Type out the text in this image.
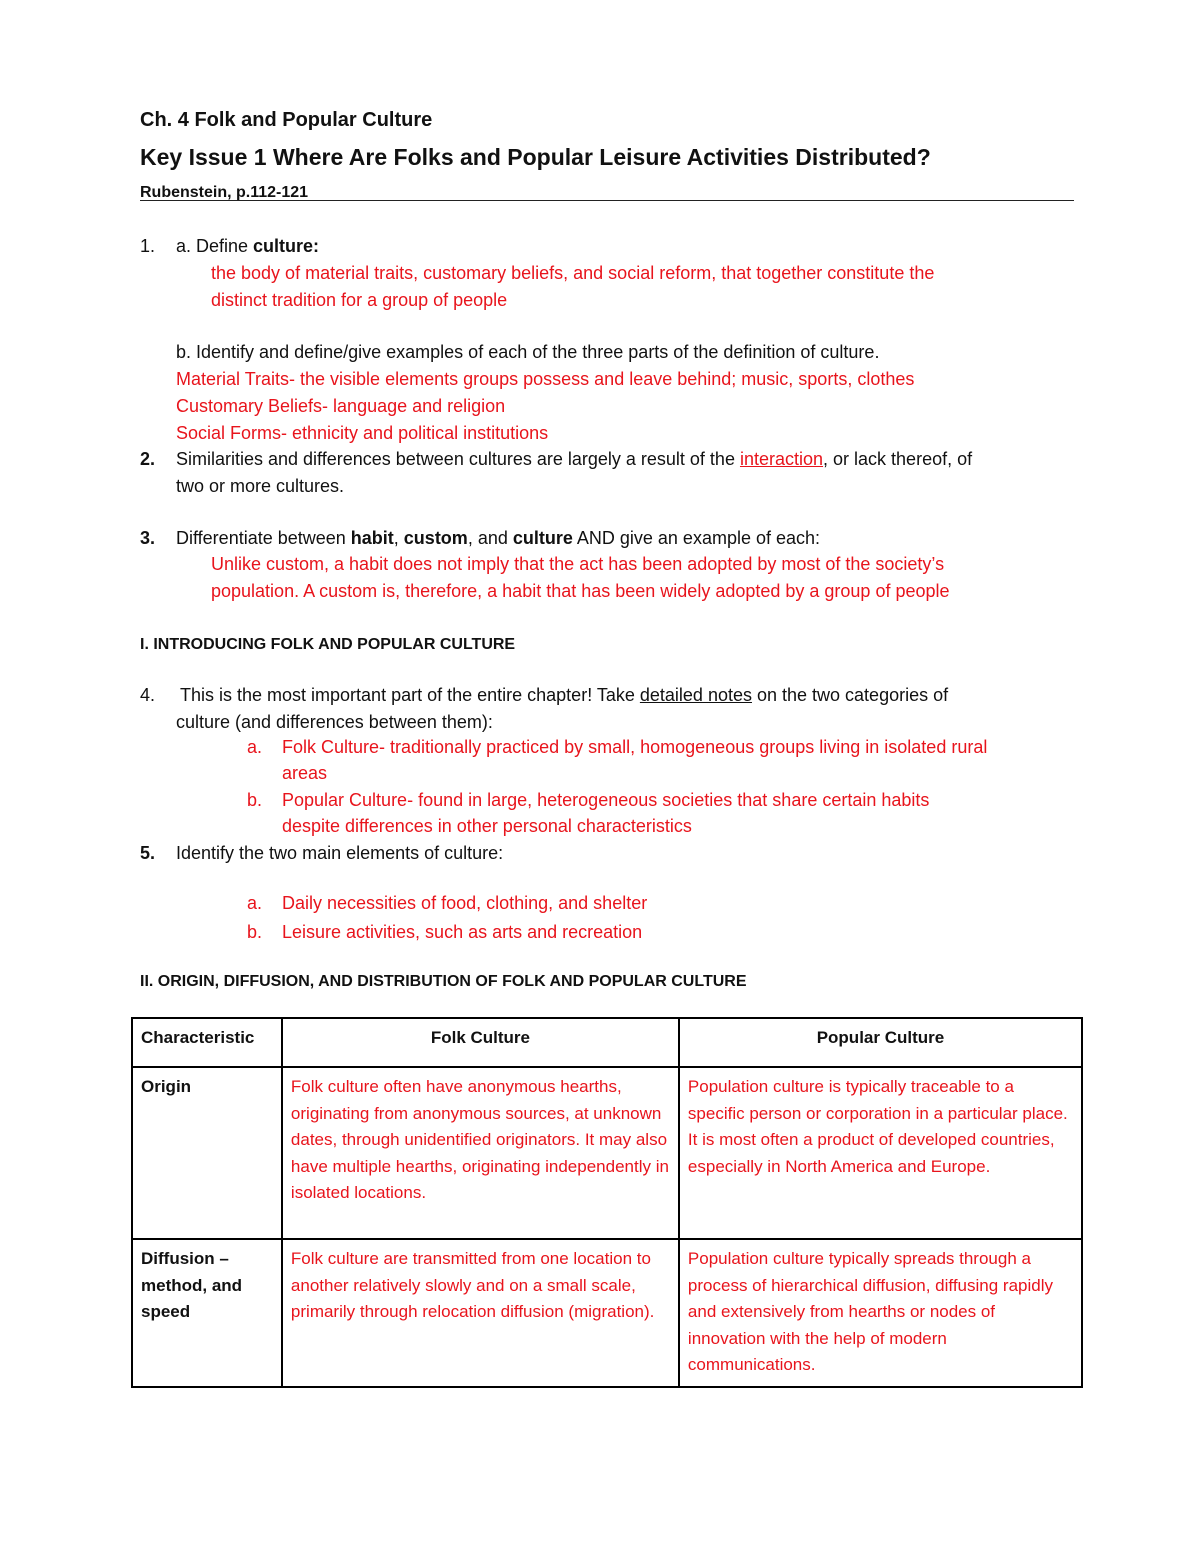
Ch. 4 Folk and Popular Culture
Key Issue 1 Where Are Folks and Popular Leisure Activities Distributed?
Rubenstein, p.112-121
1. a. Define culture:
the body of material traits, customary beliefs, and social reform, that together constitute the
distinct tradition for a group of people
b. Identify and define/give examples of each of the three parts of the definition of culture.
Material Traits- the visible elements groups possess and leave behind; music, sports, clothes
Customary Beliefs- language and religion
Social Forms- ethnicity and political institutions
2. Similarities and differences between cultures are largely a result of the interaction, or lack thereof, of
two or more cultures.
3. Differentiate between habit, custom, and culture AND give an example of each:
Unlike custom, a habit does not imply that the act has been adopted by most of the society’s
population. A custom is, therefore, a habit that has been widely adopted by a group of people
I. INTRODUCING FOLK AND POPULAR CULTURE
4. This is the most important part of the entire chapter! Take detailed notes on the two categories of
culture (and differences between them):
a. Folk Culture- traditionally practiced by small, homogeneous groups living in isolated rural
areas
b. Popular Culture- found in large, heterogeneous societies that share certain habits
despite differences in other personal characteristics
5. Identify the two main elements of culture:
a. Daily necessities of food, clothing, and shelter
b. Leisure activities, such as arts and recreation
II. ORIGIN, DIFFUSION, AND DISTRIBUTION OF FOLK AND POPULAR CULTURE
Characteristic	Folk Culture	Popular Culture
Origin	Folk culture often have anonymous hearths, originating from anonymous sources, at unknown dates, through unidentified originators. It may also have multiple hearths, originating independently in isolated locations.	Population culture is typically traceable to a specific person or corporation in a particular place. It is most often a product of developed countries, especially in North America and Europe.
Diffusion – method, and speed	Folk culture are transmitted from one location to another relatively slowly and on a small scale, primarily through relocation diffusion (migration).	Population culture typically spreads through a process of hierarchical diffusion, diffusing rapidly and extensively from hearths or nodes of innovation with the help of modern communications.
